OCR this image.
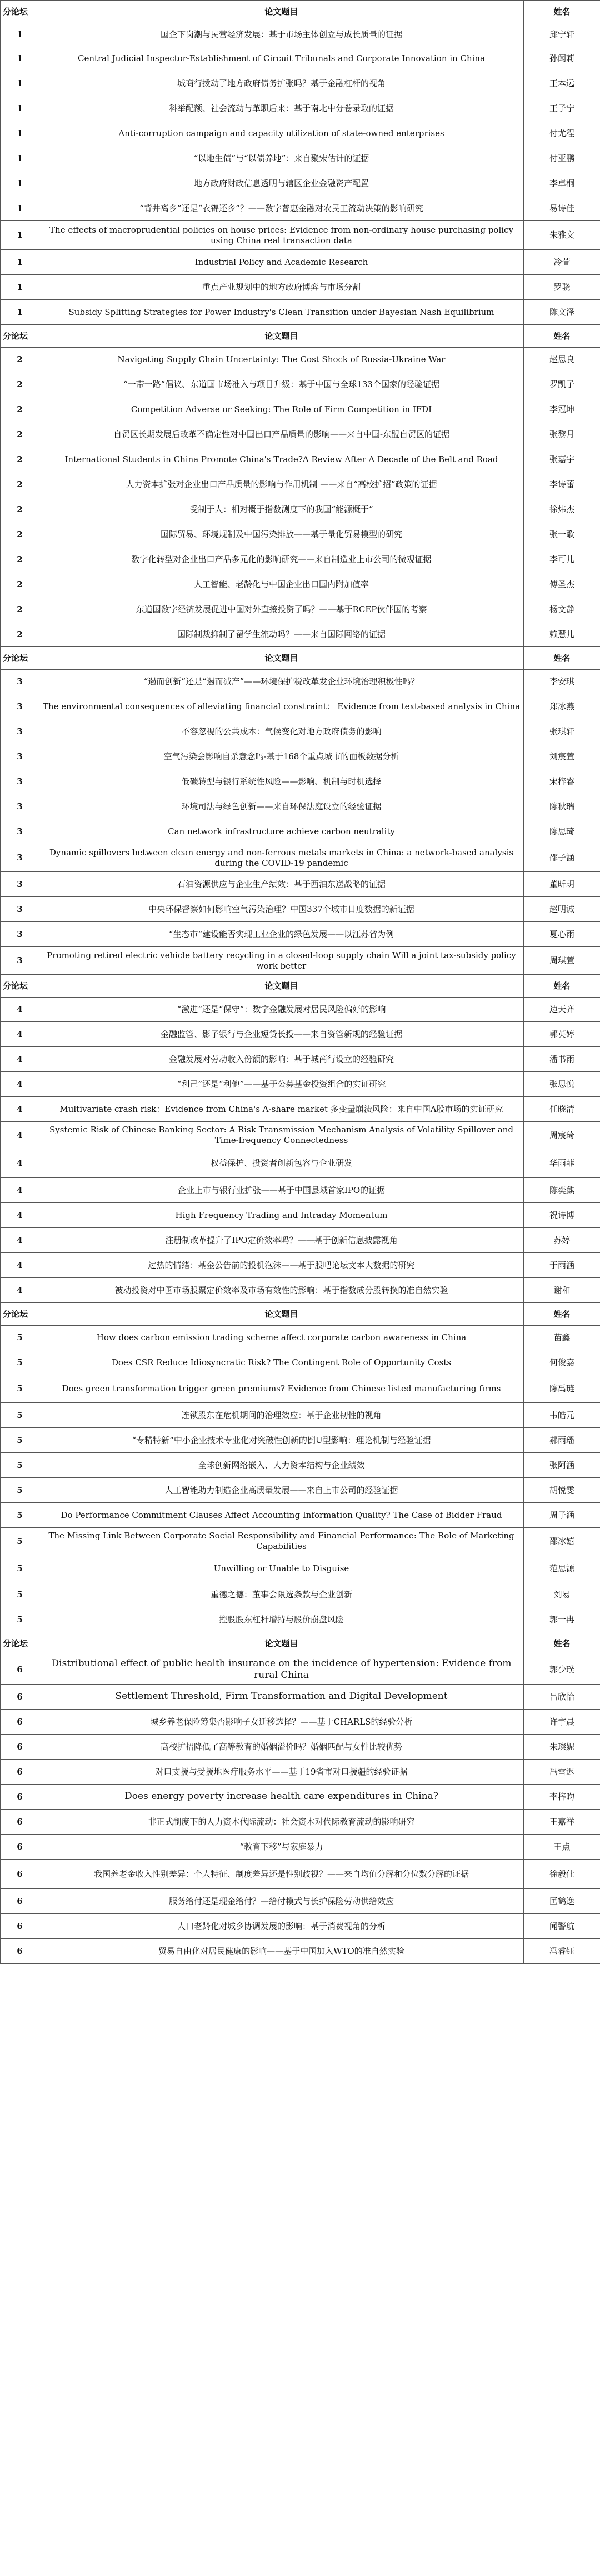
分论坛	论文题目	姓名
1	国企下岗潮与民营经济发展：基于市场主体创立与成长质量的证据	邱宁轩
1	Central Judicial Inspector-Establishment of Circuit Tribunals and Corporate Innovation in China	孙闻莉
1	城商行拨动了地方政府债务扩张吗？基于金融杠杆的视角	王本远
1	科举配额、社会流动与革职后来：基于南北中分卷录取的证据	王子宁
1	Anti-corruption campaign and capacity utilization of state-owned enterprises	付尤程
1	“以地生债”与“以债养地”：来自聚宋估计的证据	付亚鹏
1	地方政府财政信息透明与辖区企业金融资产配置	李卓桐
1	“背井离乡”还是“衣锦还乡”？——数字普惠金融对农民工流动决策的影响研究	易诗佳
1	The effects of macroprudential policies on house prices: Evidence from non-ordinary house purchasing policy using China real transaction data	朱雅文
1	Industrial Policy and Academic Research	冷萱
1	重点产业规划中的地方政府博弈与市场分割	罗骁
1	Subsidy Splitting Strategies for Power Industry's Clean Transition under Bayesian Nash Equilibrium	陈文泽
分论坛	论文题目	姓名
2	Navigating Supply Chain Uncertainty: The Cost Shock of Russia-Ukraine War	赵思良
2	“一带一路”倡议、东道国市场准入与项目升级：基于中国与全球133个国家的经验证据	罗凯子
2	Competition Adverse or Seeking: The Role of Firm Competition in IFDI	李冠坤
2	自贸区长期发展后改革不确定性对中国出口产品质量的影响——来自中国-东盟自贸区的证据	张黎月
2	International Students in China Promote China's Trade?A Review After A Decade of the Belt and Road	张嘉宇
2	人力资本扩张对企业出口产品质量的影响与作用机制 ——来自“高校扩招”政策的证据	李诗蕾
2	受制于人：相对概于指数测度下的我国“能源概于”	徐炜杰
2	国际贸易、环境规制及中国污染排放——基于量化贸易模型的研究	张一歌
2	数字化转型对企业出口产品多元化的影响研究——来自制造业上市公司的微观证据	李可儿
2	人工智能、老龄化与中国企业出口国内附加值率	傅圣杰
2	东道国数字经济发展促进中国对外直接投资了吗？——基于RCEP伙伴国的考察	杨文静
2	国际制裁抑制了留学生流动吗？——来自国际网络的证据	赖慧儿
分论坛	论文题目	姓名
3	“遏而创新”还是“遏而减产”——环境保护税改革发企业环境治理积极性吗？	李安琪
3	The environmental consequences of alleviating financial constraint： Evidence from text-based analysis in China	郑冰燕
3	不容忽视的公共成本：气候变化对地方政府债务的影响	张琪轩
3	空气污染会影响自杀意念吗-基于168个重点城市的面板数据分析	刘宸萱
3	低碳转型与银行系统性风险——影响、机制与时机选择	宋梓睿
3	环境司法与绿色创新——来自环保法庭设立的经验证据	陈秋瑞
3	Can network infrastructure achieve carbon neutrality	陈思琦
3	Dynamic spillovers between clean energy and non-ferrous metals markets in China: a network-based analysis during the COVID-19 pandemic	邵子涵
3	石油资源供应与企业生产绩效：基于西油东送战略的证据	董昕玥
3	中央环保督察如何影响空气污染治理？中国337个城市日度数据的新证据	赵明诚
3	“生态市”建设能否实现工业企业的绿色发展——以江苏省为例	夏心雨
3	Promoting retired electric vehicle battery recycling in a closed-loop supply chain Will a joint tax-subsidy policy work better	周琪萱
分论坛	论文题目	姓名
4	“激进”还是“保守”：数字金融发展对居民风险偏好的影响	边天齐
4	金融监管、影子银行与企业短贷长投——来自资管新规的经验证据	郭英婷
4	金融发展对劳动收入份额的影响：基于城商行设立的经验研究	潘书雨
4	“利己”还是“利他”——基于公募基金投资组合的实证研究	张思悦
4	Multivariate crash risk：Evidence from China's A-share market 多变量崩溃风险：来自中国A股市场的实证研究	任晓清
4	Systemic Risk of Chinese Banking Sector: A Risk Transmission Mechanism Analysis of Volatility Spillover and Time-frequency Connectedness	周宸琦
4	权益保护、投资者创新包容与企业研发	华雨菲
4	企业上市与银行业扩张——基于中国县域首家IPO的证据	陈奕麒
4	High Frequency Trading and Intraday Momentum	祝诗博
4	注册制改革提升了IPO定价效率吗？——基于创新信息披露视角	苏婷
4	过热的情绪：基金公告前的投机泡沫——基于股吧论坛文本大数据的研究	于雨涵
4	被动投资对中国市场股票定价效率及市场有效性的影响：基于指数成分股转换的准自然实验	谢和
分论坛	论文题目	姓名
5	How does carbon emission trading scheme affect corporate carbon awareness in China	苗鑫
5	Does CSR Reduce Idiosyncratic Risk? The Contingent Role of Opportunity Costs	何俊嘉
5	Does green transformation trigger green premiums? Evidence from Chinese listed manufacturing firms	陈禹琏
5	连锁股东在危机期间的治理效应：基于企业韧性的视角	韦皓元
5	“专精特新”中小企业技术专业化对突破性创新的倒U型影响：理论机制与经验证据	郝雨瑶
5	全球创新网络嵌入、人力资本结构与企业绩效	张阿涵
5	人工智能助力制造企业高质量发展——来自上市公司的经验证据	胡悦雯
5	Do Performance Commitment Clauses Affect Accounting Information Quality? The Case of Bidder Fraud	周子涵
5	The Missing Link Between Corporate Social Responsibility and Financial Performance: The Role of Marketing Capabilities	邵冰嬉
5	Unwilling or Unable to Disguise	范思源
5	重德之德：董事会限选条款与企业创新	刘易
5	控股股东杠杆增持与股价崩盘风险	郭一冉
分论坛	论文题目	姓名
6	Distributional effect of public health insurance on the incidence of hypertension: Evidence from rural China	郭少璞
6	Settlement Threshold, Firm Transformation and Digital Development	吕欣怡
6	城乡养老保险筹集否影响子女迁移选择？——基于CHARLS的经验分析	许宇晨
6	高校扩招降低了高等教育的婚姻溢价吗？婚姻匹配与女性比较优势	朱璨妮
6	对口支援与受援地医疗服务水平——基于19省市对口援疆的经验证据	冯雪迟
6	Does energy poverty increase health care expenditures in China?	李梓昀
6	非正式制度下的人力资本代际流动：社会资本对代际教育流动的影响研究	王嘉祥
6	“教育下移”与家庭暴力	王点
6	我国养老金收入性别差异：个人特征、制度差异还是性别歧视？——来自均值分解和分位数分解的证据	徐毅佳
6	服务给付还是现金给付？—给付模式与长护保险劳动供给效应	匡鹤逸
6	人口老龄化对城乡协调发展的影响：基于消费视角的分析	闻警航
6	贸易自由化对居民健康的影响——基于中国加入WTO的准自然实验	冯睿钰
